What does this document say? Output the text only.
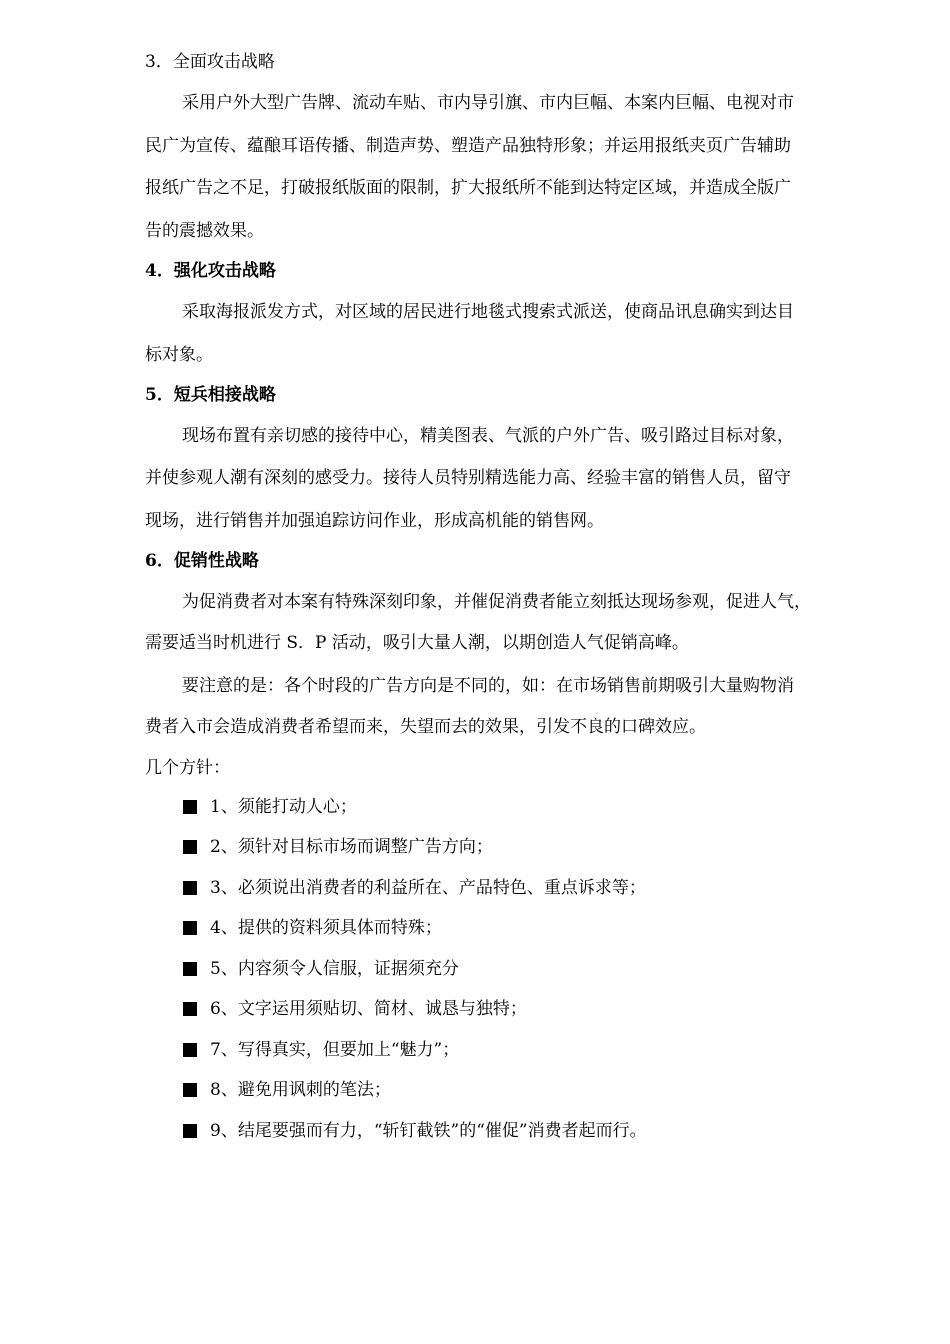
3．全面攻击战略
采用户外大型广告牌、流动车贴、市内导引旗、市内巨幅、本案内巨幅、电视对市
民广为宣传、蕴酿耳语传播、制造声势、塑造产品独特形象；并运用报纸夹页广告辅助
报纸广告之不足，打破报纸版面的限制，扩大报纸所不能到达特定区域，并造成全版广
告的震撼效果。
4．强化攻击战略
采取海报派发方式，对区域的居民进行地毯式搜索式派送，使商品讯息确实到达目
标对象。
5．短兵相接战略
现场布置有亲切感的接待中心，精美图表、气派的户外广告、吸引路过目标对象，
并使参观人潮有深刻的感受力。接待人员特别精选能力高、经验丰富的销售人员，留守
现场，进行销售并加强追踪访问作业，形成高机能的销售网。
6．促销性战略
为促消费者对本案有特殊深刻印象，并催促消费者能立刻抵达现场参观，促进人气，
需要适当时机进行 S．P 活动，吸引大量人潮，以期创造人气促销高峰。
要注意的是：各个时段的广告方向是不同的，如：在市场销售前期吸引大量购物消
费者入市会造成消费者希望而来，失望而去的效果，引发不良的口碑效应。
几个方针：
1、须能打动人心；
2、须针对目标市场而调整广告方向；
3、必须说出消费者的利益所在、产品特色、重点诉求等；
4、提供的资料须具体而特殊；
5、内容须令人信服，证据须充分
6、文字运用须贴切、简材、诚恳与独特；
7、写得真实，但要加上“魅力”；
8、避免用讽刺的笔法；
9、结尾要强而有力，“斩钉截铁”的“催促”消费者起而行。
